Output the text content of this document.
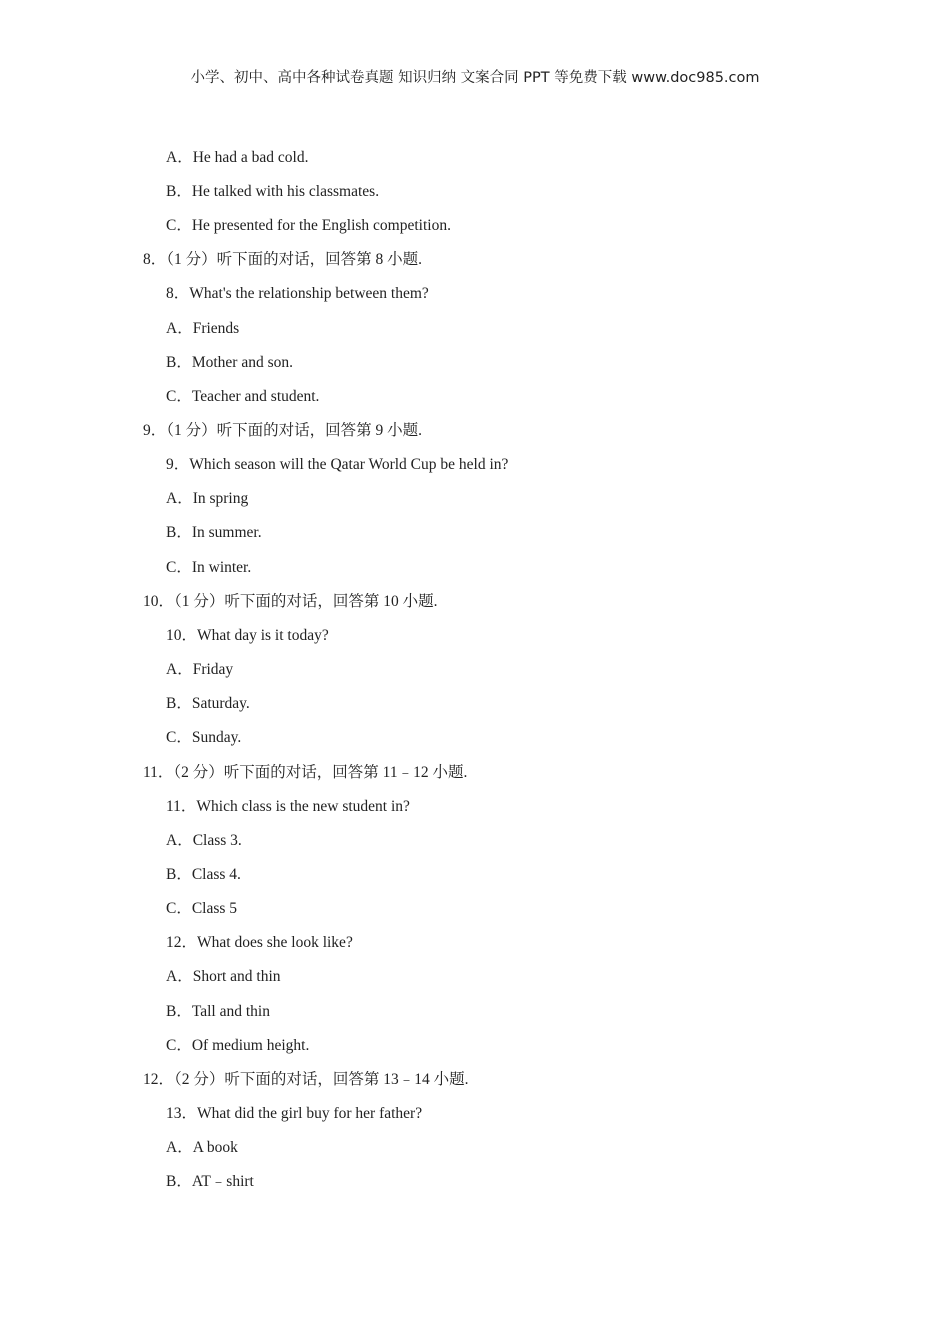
小学、初中、高中各种试卷真题 知识归纳 文案合同 PPT 等免费下载 www.doc985.com
A．He had a bad cold.
B．He talked with his classmates.
C．He presented for the English competition.
8．（1 分）听下面的对话，回答第 8 小题.
8．What's the relationship between them?
A．Friends
B．Mother and son.
C．Teacher and student.
9．（1 分）听下面的对话，回答第 9 小题.
9．Which season will the Qatar World Cup be held in?
A．In spring
B．In summer.
C．In winter.
10．（1 分）听下面的对话，回答第 10 小题.
10．What day is it today?
A．Friday
B．Saturday.
C．Sunday.
11．（2 分）听下面的对话，回答第 11﹣12 小题.
11．Which class is the new student in?
A．Class 3.
B．Class 4.
C．Class 5
12．What does she look like?
A．Short and thin
B．Tall and thin
C．Of medium height.
12．（2 分）听下面的对话，回答第 13﹣14 小题.
13．What did the girl buy for her father?
A．A book
B．AT﹣shirt
